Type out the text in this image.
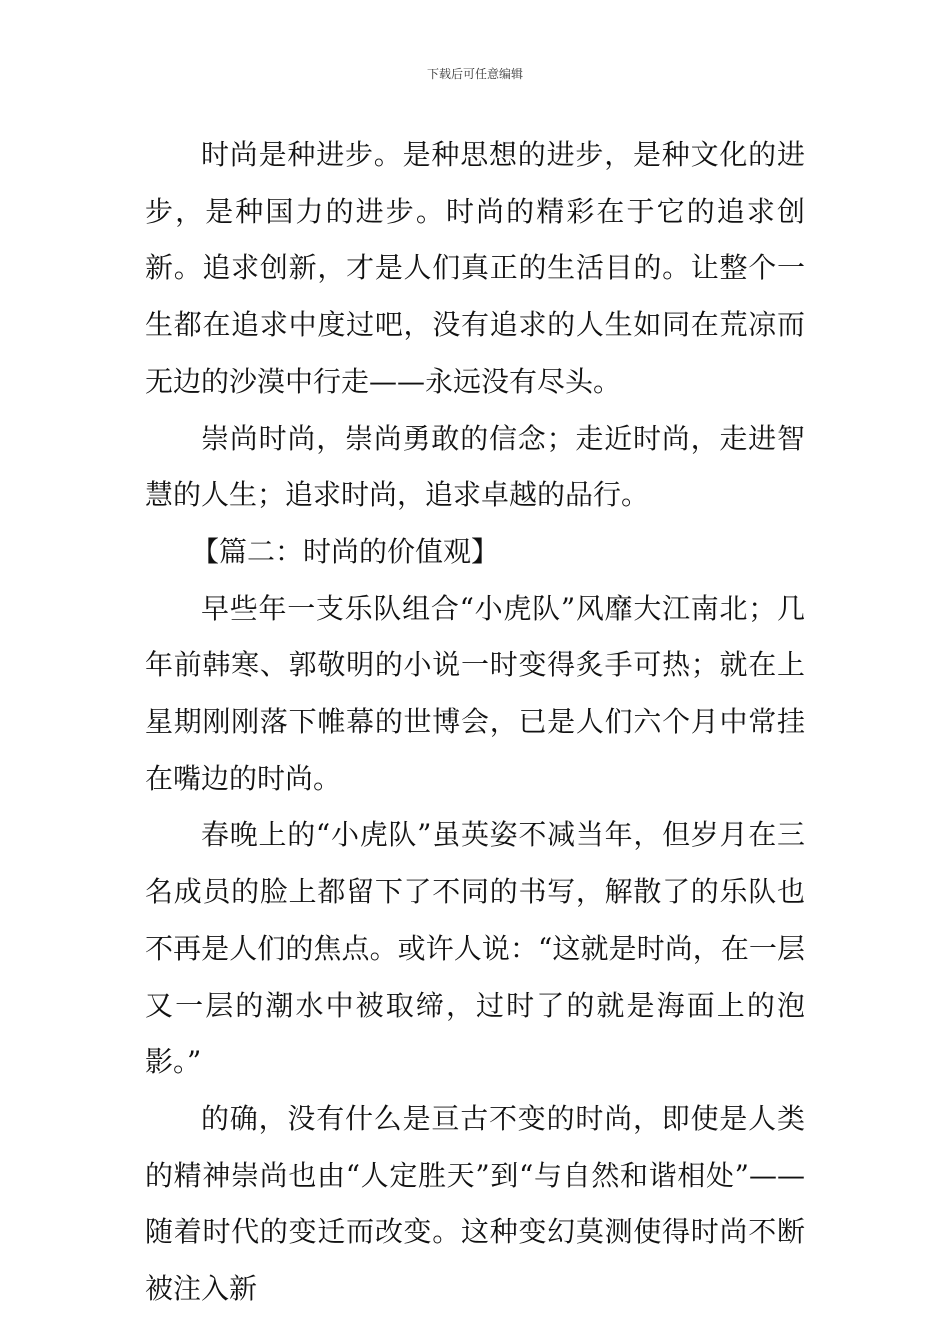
下载后可任意编辑

时尚是种进步。是种思想的进步，是种文化的进步，是种国力的进步。时尚的精彩在于它的追求创新。追求创新，才是人们真正的生活目的。让整个一生都在追求中度过吧，没有追求的人生如同在荒凉而无边的沙漠中行走——永远没有尽头。

崇尚时尚，崇尚勇敢的信念；走近时尚，走进智慧的人生；追求时尚，追求卓越的品行。

【篇二：时尚的价值观】

早些年一支乐队组合“小虎队”风靡大江南北；几年前韩寒、郭敬明的小说一时变得炙手可热；就在上星期刚刚落下帷幕的世博会，已是人们六个月中常挂在嘴边的时尚。

春晚上的“小虎队”虽英姿不减当年，但岁月在三名成员的脸上都留下了不同的书写，解散了的乐队也不再是人们的焦点。或许人说：“这就是时尚，在一层又一层的潮水中被取缔，过时了的就是海面上的泡影。”

的确，没有什么是亘古不变的时尚，即使是人类的精神崇尚也由“人定胜天”到“与自然和谐相处”——随着时代的变迁而改变。这种变幻莫测使得时尚不断被注入新
